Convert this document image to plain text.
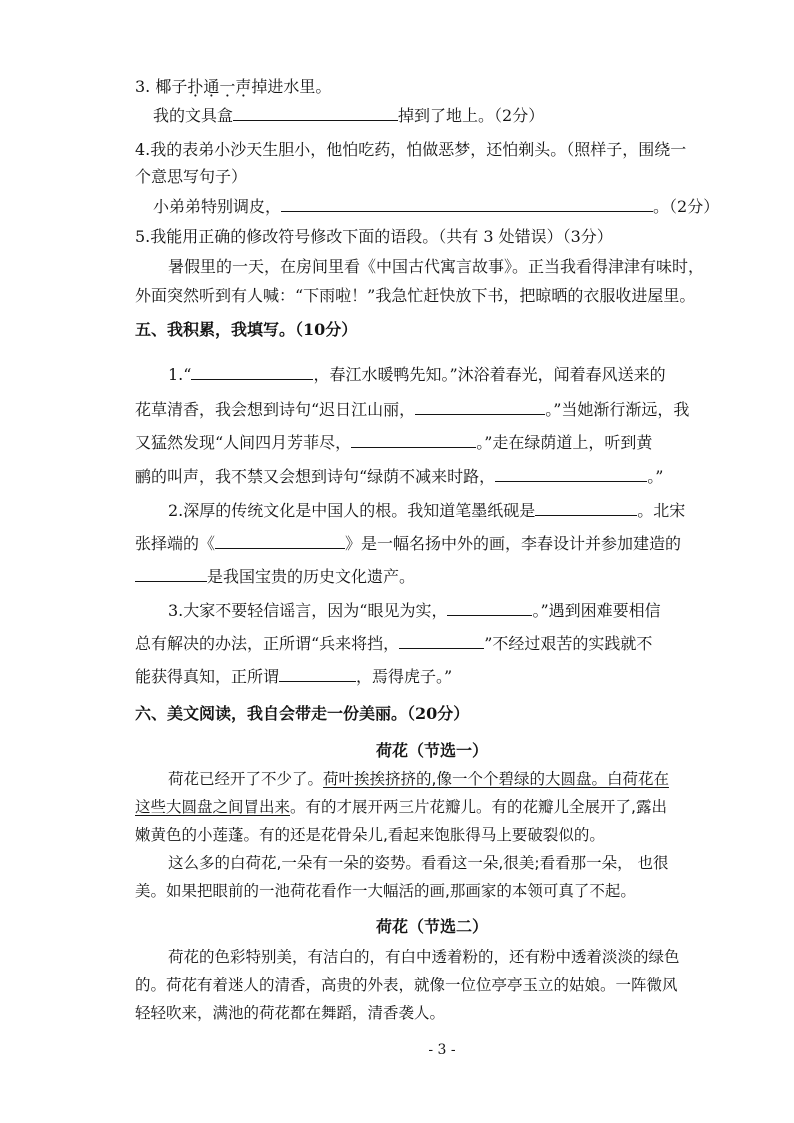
3. 椰子扑通一声掉进水里。
我的文具盒	掉到了地上。（2分）
4.我的表弟小沙天生胆小，他怕吃药，怕做恶梦，还怕剃头。（照样子，围绕一
个意思写句子）
小弟弟特别调皮，	。（2分）
5.我能用正确的修改符号修改下面的语段。（共有 3 处错误）（3分）
暑假里的一天，在房间里看《中国古代寓言故事》。正当我看得津津有味时，
外面突然听到有人喊：“下雨啦！”我急忙赶快放下书，把晾晒的衣服收进屋里。
五、我积累，我填写。（10分）
1.“	，春江水暖鸭先知。”沐浴着春光，闻着春风送来的
花草清香，我会想到诗句“迟日江山丽，	。”当她渐行渐远，我
又猛然发现“人间四月芳菲尽，	。”走在绿荫道上，听到黄
鹂的叫声，我不禁又会想到诗句“绿荫不减来时路，	。”
2.深厚的传统文化是中国人的根。我知道笔墨纸砚是	。北宋
张择端的《	》是一幅名扬中外的画，李春设计并参加建造的
是我国宝贵的历史文化遗产。
3.大家不要轻信谣言，因为“眼见为实，	。”遇到困难要相信
总有解决的办法，正所谓“兵来将挡，	”不经过艰苦的实践就不
能获得真知，正所谓	，焉得虎子。”
六、美文阅读，我自会带走一份美丽。（20分）
荷花（节选一）
荷花已经开了不少了。荷叶挨挨挤挤的,像一个个碧绿的大圆盘。白荷花在
这些大圆盘之间冒出来。有的才展开两三片花瓣儿。有的花瓣儿全展开了,露出
嫩黄色的小莲蓬。有的还是花骨朵儿,看起来饱胀得马上要破裂似的。
这么多的白荷花,一朵有一朵的姿势。看看这一朵,很美;看看那一朵， 也很
美。如果把眼前的一池荷花看作一大幅活的画,那画家的本领可真了不起。
荷花（节选二）
荷花的色彩特别美，有洁白的，有白中透着粉的，还有粉中透着淡淡的绿色
的。荷花有着迷人的清香，高贵的外表，就像一位位亭亭玉立的姑娘。一阵微风
轻轻吹来，满池的荷花都在舞蹈，清香袭人。
- 3 -
